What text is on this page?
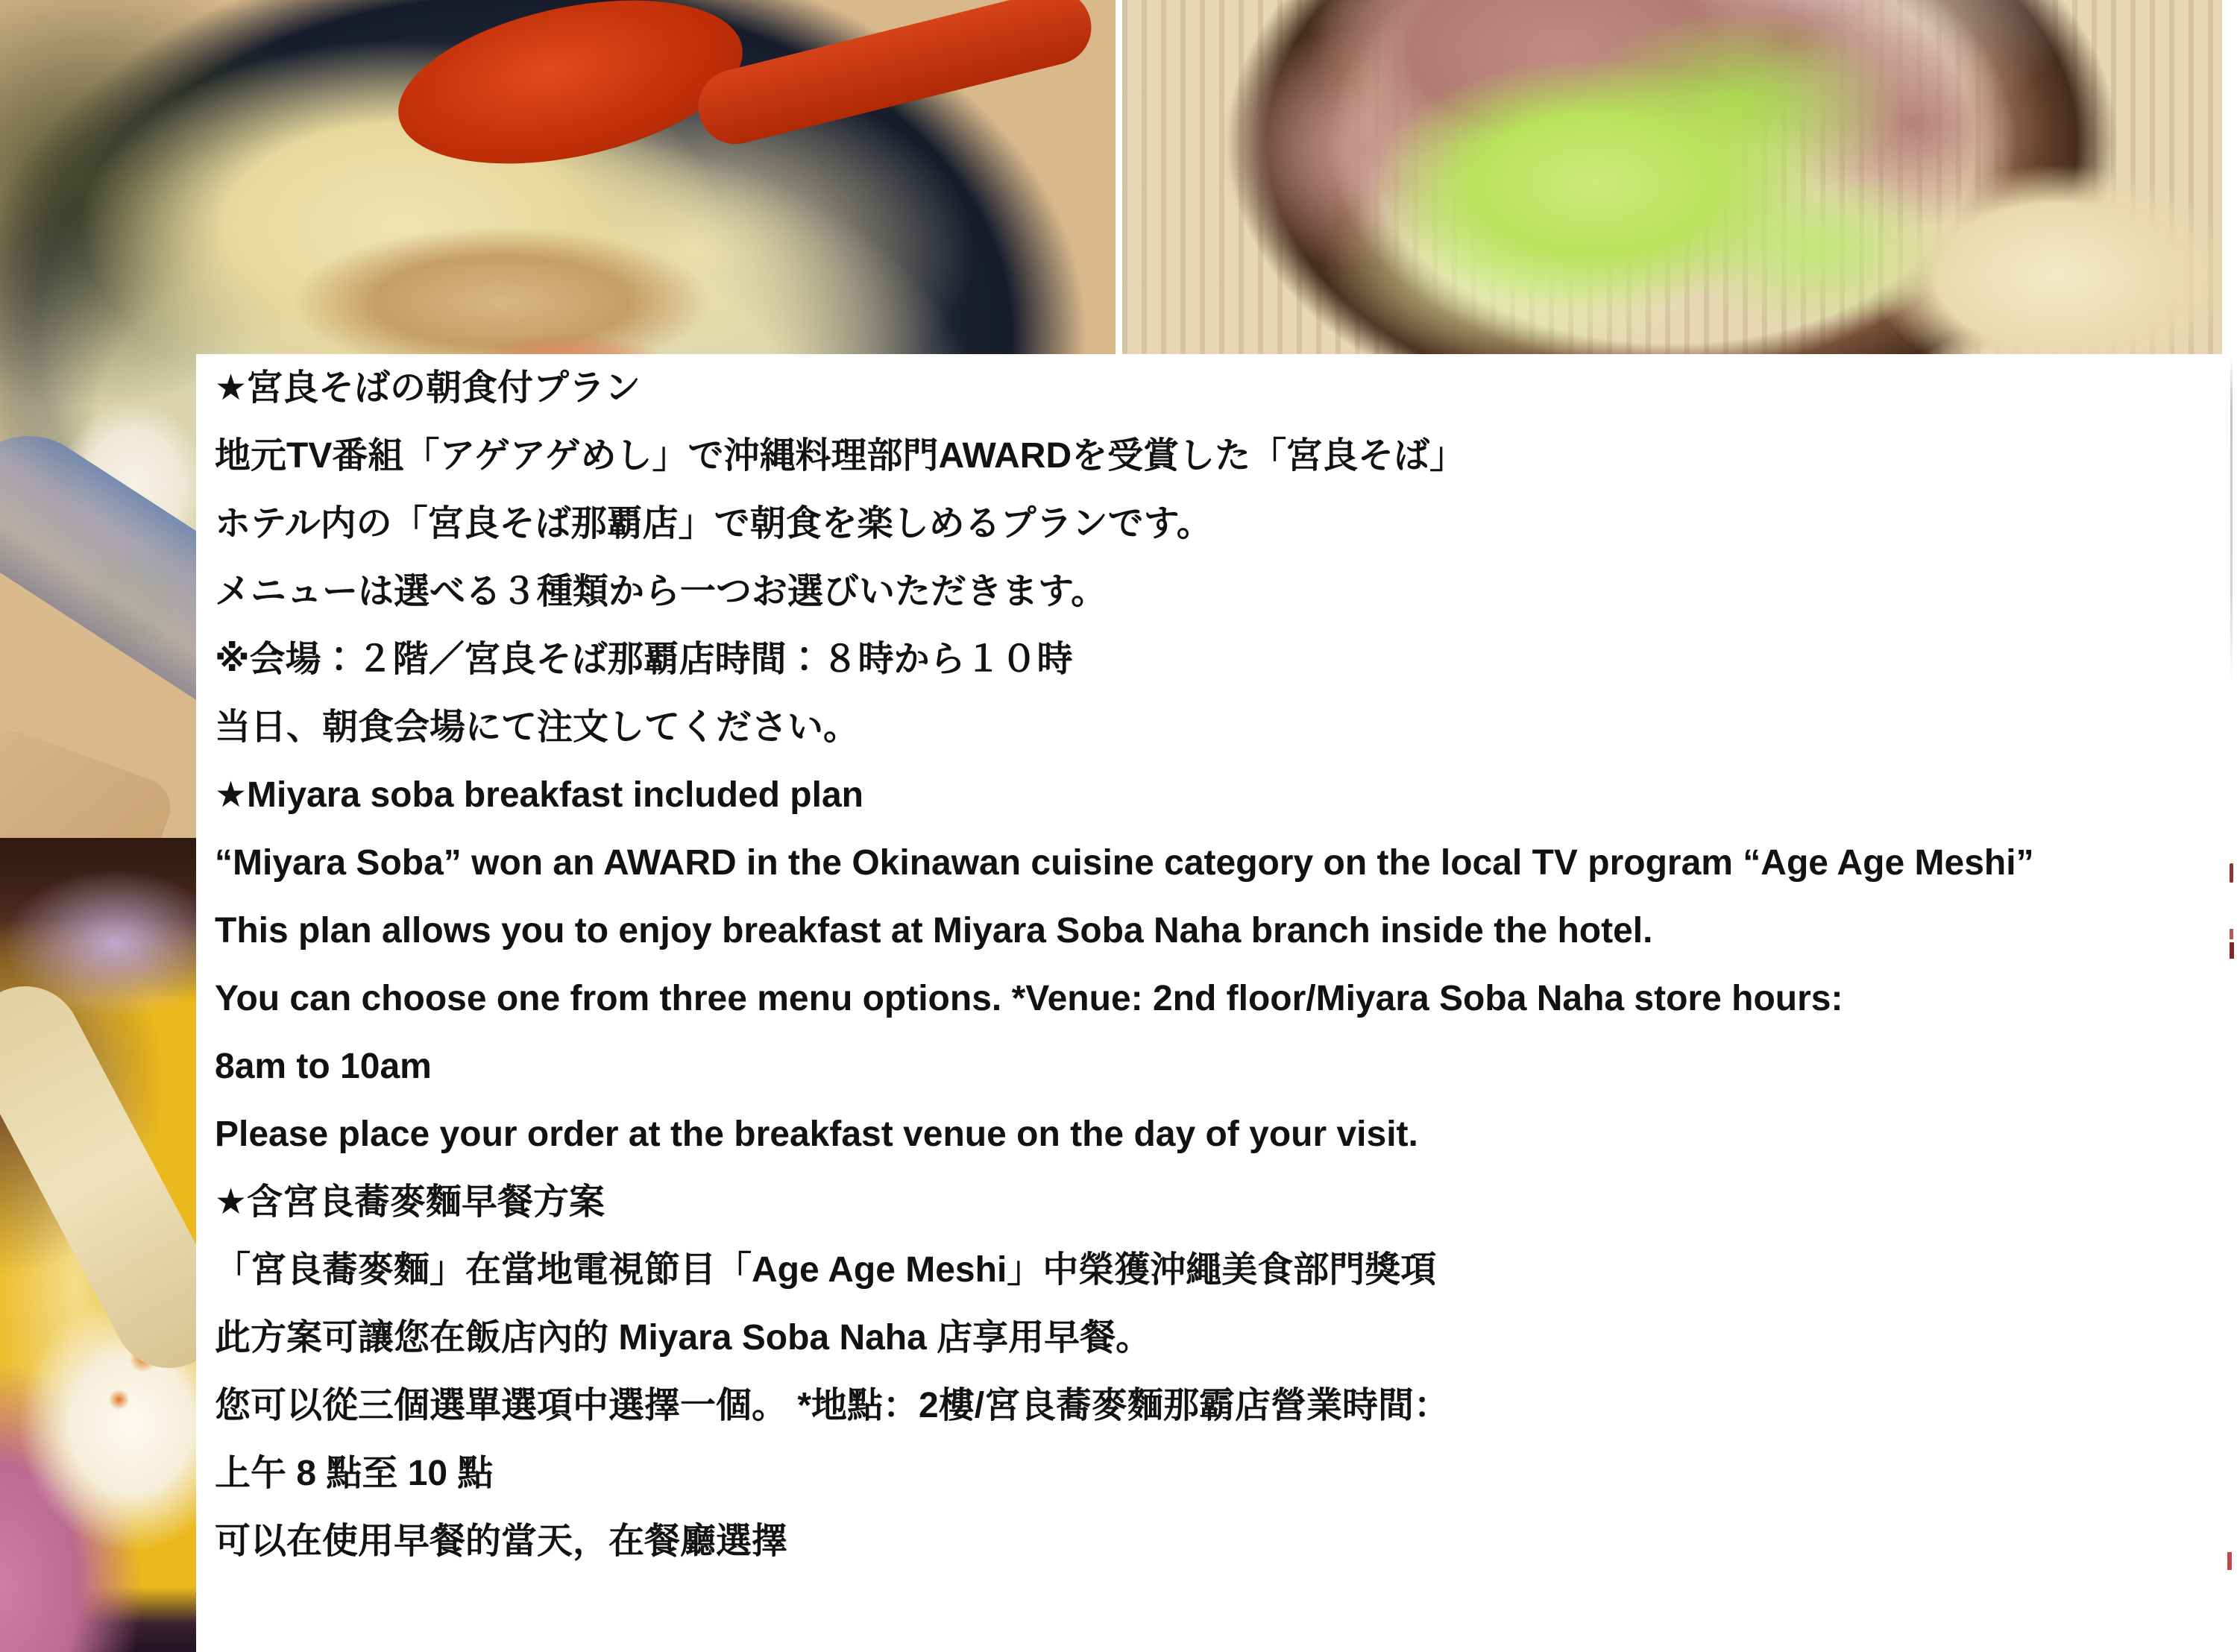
★宮良そばの朝食付プラン
地元TV番組「アゲアゲめし」で沖縄料理部門AWARDを受賞した「宮良そば」
ホテル内の「宮良そば那覇店」で朝食を楽しめるプランです。
メニューは選べる３種類から一つお選びいただきます。
※会場：２階／宮良そば那覇店時間：８時から１０時
当日、朝食会場にて注文してください。
★Miyara soba breakfast included plan
“Miyara Soba” won an AWARD in the Okinawan cuisine category on the local TV program “Age Age Meshi”
This plan allows you to enjoy breakfast at Miyara Soba Naha branch inside the hotel.
You can choose one from three menu options. *Venue: 2nd floor/Miyara Soba Naha store hours:
8am to 10am
Please place your order at the breakfast venue on the day of your visit.
★含宮良蕎麥麵早餐方案
「宮良蕎麥麵」在當地電視節目「Age Age Meshi」中榮獲沖繩美食部門獎項
此方案可讓您在飯店內的 Miyara Soba Naha 店享用早餐。
您可以從三個選單選項中選擇一個。 *地點：2樓/宮良蕎麥麵那霸店營業時間：
上午 8 點至 10 點
可以在使用早餐的當天，在餐廳選擇
